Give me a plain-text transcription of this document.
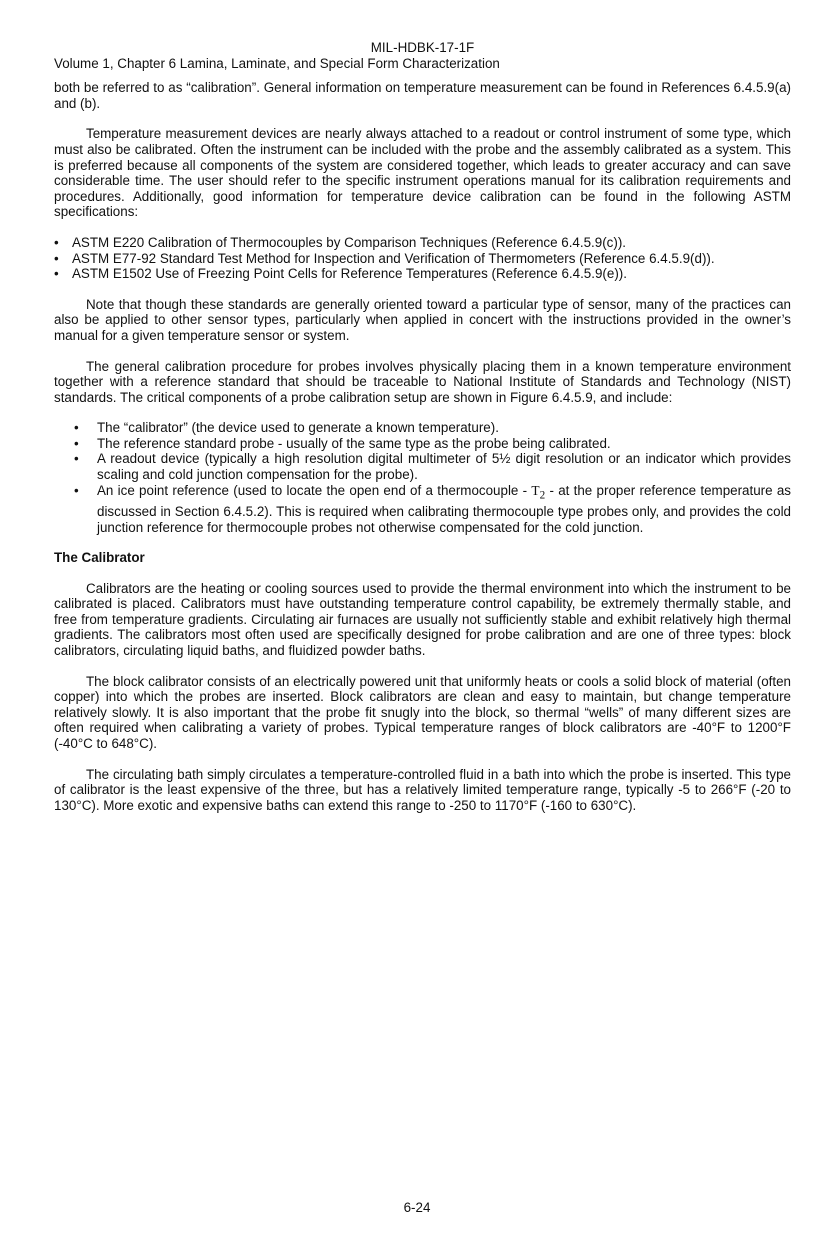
MIL-HDBK-17-1F
Volume 1, Chapter 6 Lamina, Laminate, and Special Form Characterization

both be referred to as “calibration”. General information on temperature measurement can be found in References 6.4.5.9(a) and (b).

Temperature measurement devices are nearly always attached to a readout or control instrument of some type, which must also be calibrated. Often the instrument can be included with the probe and the assembly calibrated as a system. This is preferred because all components of the system are considered together, which leads to greater accuracy and can save considerable time. The user should refer to the specific instrument operations manual for its calibration requirements and procedures. Additionally, good information for temperature device calibration can be found in the following ASTM specifications:

• ASTM E220 Calibration of Thermocouples by Comparison Techniques (Reference 6.4.5.9(c)).
• ASTM E77-92 Standard Test Method for Inspection and Verification of Thermometers (Reference 6.4.5.9(d)).
• ASTM E1502 Use of Freezing Point Cells for Reference Temperatures (Reference 6.4.5.9(e)).

Note that though these standards are generally oriented toward a particular type of sensor, many of the practices can also be applied to other sensor types, particularly when applied in concert with the instructions provided in the owner’s manual for a given temperature sensor or system.

The general calibration procedure for probes involves physically placing them in a known temperature environment together with a reference standard that should be traceable to National Institute of Standards and Technology (NIST) standards. The critical components of a probe calibration setup are shown in Figure 6.4.5.9, and include:

• The “calibrator” (the device used to generate a known temperature).
• The reference standard probe - usually of the same type as the probe being calibrated.
• A readout device (typically a high resolution digital multimeter of 5½ digit resolution or an indicator which provides scaling and cold junction compensation for the probe).
• An ice point reference (used to locate the open end of a thermocouple - $T_2$ - at the proper reference temperature as discussed in Section 6.4.5.2). This is required when calibrating thermocouple type probes only, and provides the cold junction reference for thermocouple probes not otherwise compensated for the cold junction.

The Calibrator

Calibrators are the heating or cooling sources used to provide the thermal environment into which the instrument to be calibrated is placed. Calibrators must have outstanding temperature control capability, be extremely thermally stable, and free from temperature gradients. Circulating air furnaces are usually not sufficiently stable and exhibit relatively high thermal gradients. The calibrators most often used are specifically designed for probe calibration and are one of three types: block calibrators, circulating liquid baths, and fluidized powder baths.

The block calibrator consists of an electrically powered unit that uniformly heats or cools a solid block of material (often copper) into which the probes are inserted. Block calibrators are clean and easy to maintain, but change temperature relatively slowly. It is also important that the probe fit snugly into the block, so thermal “wells” of many different sizes are often required when calibrating a variety of probes. Typical temperature ranges of block calibrators are -40°F to 1200°F (-40°C to 648°C).

The circulating bath simply circulates a temperature-controlled fluid in a bath into which the probe is inserted. This type of calibrator is the least expensive of the three, but has a relatively limited temperature range, typically -5 to 266°F (-20 to 130°C). More exotic and expensive baths can extend this range to -250 to 1170°F (-160 to 630°C).

6-24
